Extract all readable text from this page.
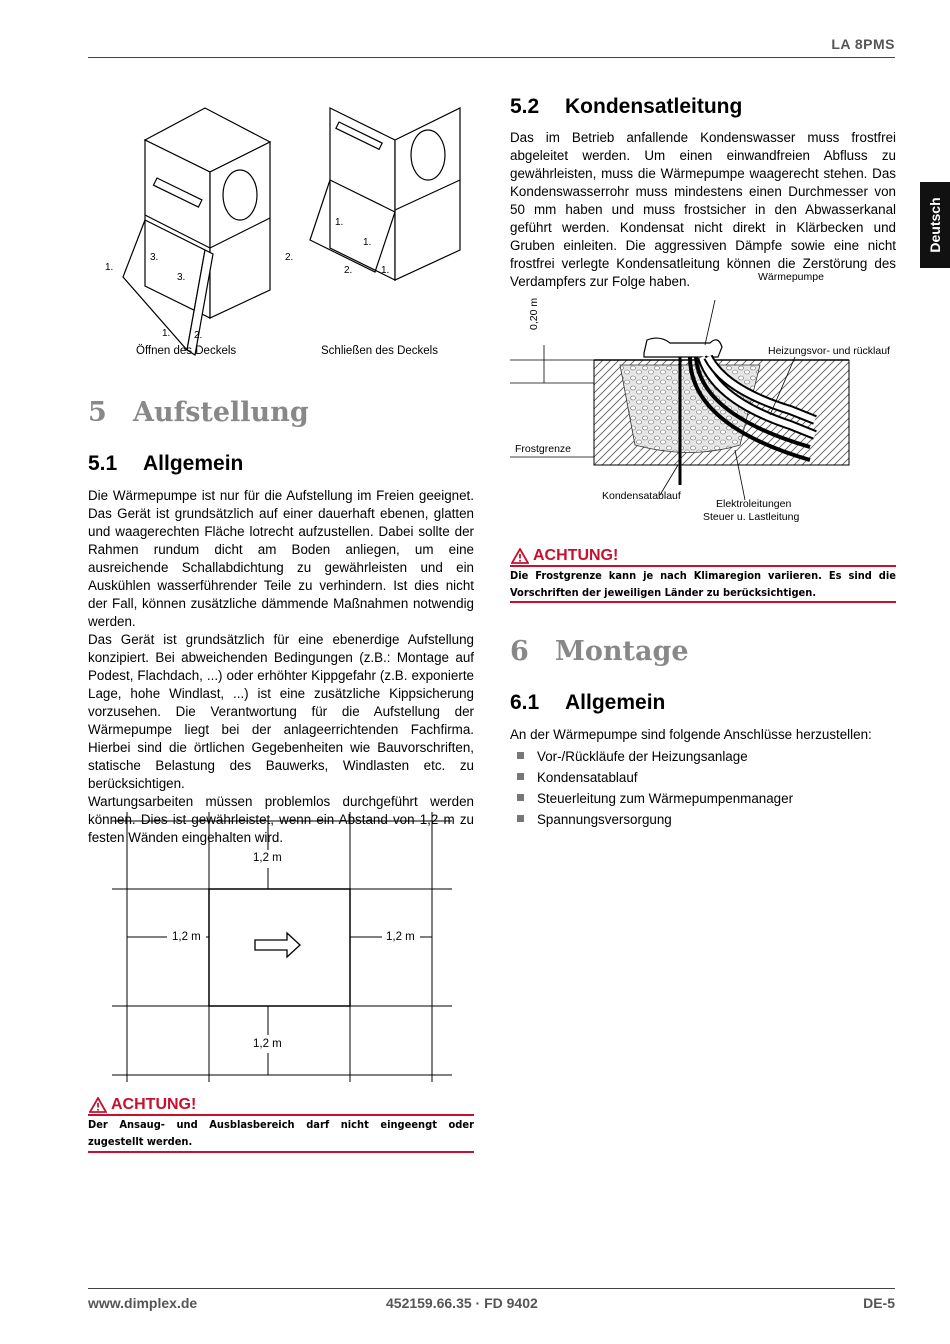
LA 8PMS
Deutsch
3.
3.
1.
1.
2.
1.
1.
2.
2.	1.
Öffnen des Deckels	Schließen des Deckels
5 Aufstellung
5.1 Allgemein

Die Wärmepumpe ist nur für die Aufstellung im Freien geeignet. Das Gerät ist grundsätzlich auf einer dauerhaft ebenen, glatten und waagerechten Fläche lotrecht aufzustellen. Dabei sollte der Rahmen rundum dicht am Boden anliegen, um eine ausreichende Schallabdichtung zu gewährleisten und ein Auskühlen wasserführender Teile zu verhindern. Ist dies nicht der Fall, können zusätzliche dämmende Maßnahmen notwendig werden.

Das Gerät ist grundsätzlich für eine ebenerdige Aufstellung konzipiert. Bei abweichenden Bedingungen (z.B.: Montage auf Podest, Flachdach, ...) oder erhöhter Kippgefahr (z.B. exponierte Lage, hohe Windlast, ...) ist eine zusätzliche Kippsicherung vorzusehen. Die Verantwortung für die Aufstellung der Wärmepumpe liegt bei der anlageerrichtenden Fachfirma. Hierbei sind die örtlichen Gegebenheiten wie Bauvorschriften, statische Belastung des Bauwerks, Windlasten etc. zu berücksichtigen.

Wartungsarbeiten müssen problemlos durchgeführt werden können. Dies ist gewährleistet, wenn ein Abstand von 1,2 m zu festen Wänden eingehalten wird.

1,2 m
1,2 m	1,2 m
1,2 m
ACHTUNG!
Der Ansaug- und Ausblasbereich darf nicht eingeengt oder zugestellt werden.
5.2 Kondensatleitung
Das im Betrieb anfallende Kondenswasser muss frostfrei abgeleitet werden. Um einen einwandfreien Abfluss zu gewährleisten, muss die Wärmepumpe waagerecht stehen. Das Kondenswasserrohr muss mindestens einen Durchmesser von 50 mm haben und muss frostsicher in den Abwasserkanal geführt werden. Kondensat nicht direkt in Klärbecken und Gruben einleiten. Die aggressiven Dämpfe sowie eine nicht frostfrei verlegte Kondensatleitung können die Zerstörung des Verdampfers zur Folge haben.	Wärmepumpe
Heizungsvor- und rücklauf
0,20 m
Frostgrenze
Kondensatablauf
Elektroleitungen
Steuer u. Lastleitung
ACHTUNG!
Die Frostgrenze kann je nach Klimaregion variieren. Es sind die Vorschriften der jeweiligen Länder zu berücksichtigen.
6 Montage
6.1 Allgemein
An der Wärmepumpe sind folgende Anschlüsse herzustellen:
Vor-/Rückläufe der Heizungsanlage
Kondensatablauf
Steuerleitung zum Wärmepumpenmanager
Spannungsversorgung
www.dimplex.de	452159.66.35 · FD 9402	DE-5
